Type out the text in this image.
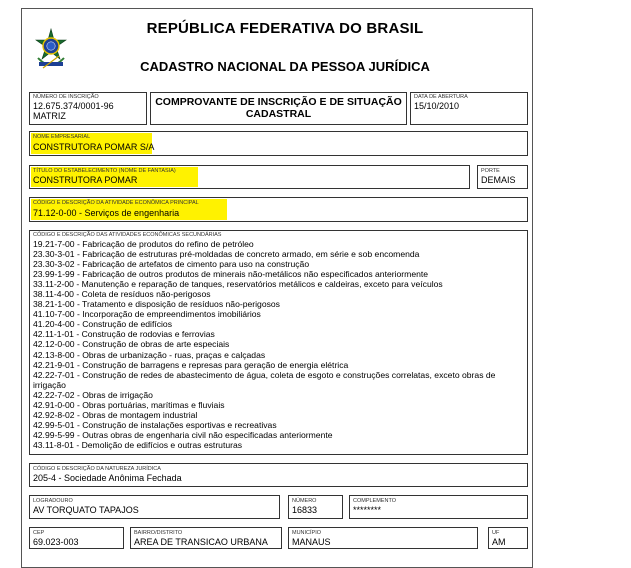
REPÚBLICA FEDERATIVA DO BRASIL
CADASTRO NACIONAL DA PESSOA JURÍDICA
NÚMERO DE INSCRIÇÃO
12.675.374/0001-96
MATRIZ
COMPROVANTE DE INSCRIÇÃO E DE SITUAÇÃO
CADASTRAL
DATA DE ABERTURA
15/10/2010
NOME EMPRESARIAL
CONSTRUTORA POMAR S/A
TÍTULO DO ESTABELECIMENTO (NOME DE FANTASIA)
CONSTRUTORA POMAR
PORTE
DEMAIS
CÓDIGO E DESCRIÇÃO DA ATIVIDADE ECONÔMICA PRINCIPAL
71.12-0-00 - Serviços de engenharia
CÓDIGO E DESCRIÇÃO DAS ATIVIDADES ECONÔMICAS SECUNDÁRIAS
19.21-7-00 - Fabricação de produtos do refino de petróleo
23.30-3-01 - Fabricação de estruturas pré-moldadas de concreto armado, em série e sob encomenda
23.30-3-02 - Fabricação de artefatos de cimento para uso na construção
23.99-1-99 - Fabricação de outros produtos de minerais não-metálicos não especificados anteriormente
33.11-2-00 - Manutenção e reparação de tanques, reservatórios metálicos e caldeiras, exceto para veículos
38.11-4-00 - Coleta de resíduos não-perigosos
38.21-1-00 - Tratamento e disposição de resíduos não-perigosos
41.10-7-00 - Incorporação de empreendimentos imobiliários
41.20-4-00 - Construção de edifícios
42.11-1-01 - Construção de rodovias e ferrovias
42.12-0-00 - Construção de obras de arte especiais
42.13-8-00 - Obras de urbanização - ruas, praças e calçadas
42.21-9-01 - Construção de barragens e represas para geração de energia elétrica
42.22-7-01 - Construção de redes de abastecimento de água, coleta de esgoto e construções correlatas, exceto obras de irrigação
42.22-7-02 - Obras de irrigação
42.91-0-00 - Obras portuárias, marítimas e fluviais
42.92-8-02 - Obras de montagem industrial
42.99-5-01 - Construção de instalações esportivas e recreativas
42.99-5-99 - Outras obras de engenharia civil não especificadas anteriormente
43.11-8-01 - Demolição de edifícios e outras estruturas
CÓDIGO E DESCRIÇÃO DA NATUREZA JURÍDICA
205-4 - Sociedade Anônima Fechada
LOGRADOURO
AV TORQUATO TAPAJOS
NÚMERO
16833
COMPLEMENTO
********
CEP
69.023-003
BAIRRO/DISTRITO
AREA DE TRANSICAO URBANA
MUNICÍPIO
MANAUS
UF
AM
